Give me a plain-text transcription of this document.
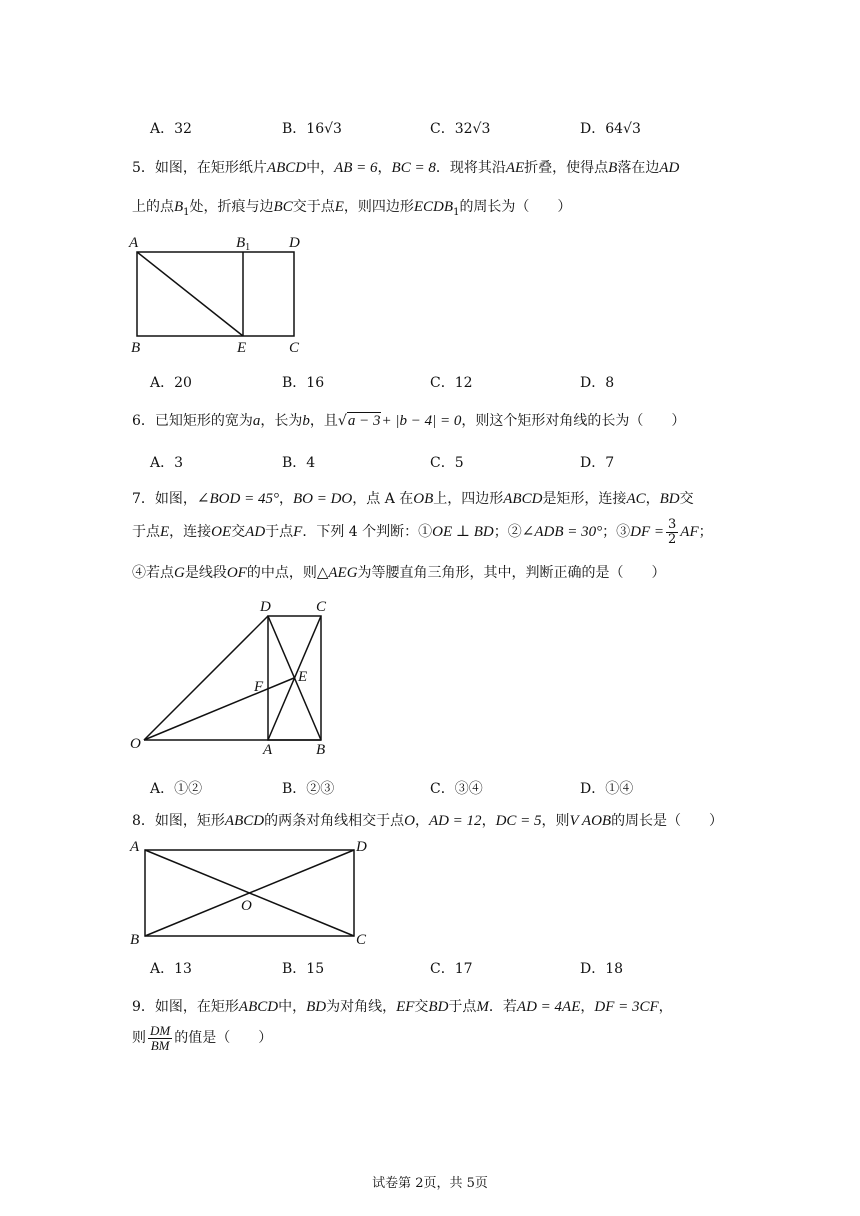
A．32	B．16√3	C．32√3	D．64√3
5．如图，在矩形纸片ABCD中，AB = 6，BC = 8．现将其沿AE折叠，使得点B落在边AD
上的点$B_1$处，折痕与边BC交于点E，则四边形$ECDB_1$的周长为（　　）
A	$B_1$	D
B	E	C
A．20	B．16	C．12	D．8
6．已知矩形的宽为a，长为b，且√a − 3+ |b − 4| = 0，则这个矩形对角线的长为（　　）
A．3	B．4	C．5	D．7
7．如图，∠BOD = 45°，BO = DO，点 A 在OB上，四边形ABCD是矩形，连接AC，BD交
于点E，连接OE交AD于点F．下列 4 个判断：①OE ⊥ BD；②∠ADB = 30°；③DF = $\frac{3}{2}$ AF；
④若点G是线段OF的中点，则△AEG为等腰直角三角形，其中，判断正确的是（　　）
D	C
E
F
O	A	B
A．①②	B．②③	C．③④	D．①④
8．如图，矩形ABCD的两条对角线相交于点O，AD = 12，DC = 5，则V AOB的周长是（　　）
A	D
O
B	C
A．13	B．15	C．17	D．18
9．如图，在矩形ABCD中，BD为对角线，EF交BD于点M．若AD = 4AE，DF = 3CF，
则 $\frac{DM}{BM}$ 的值是（　　）
试卷第 2页，共 5页
